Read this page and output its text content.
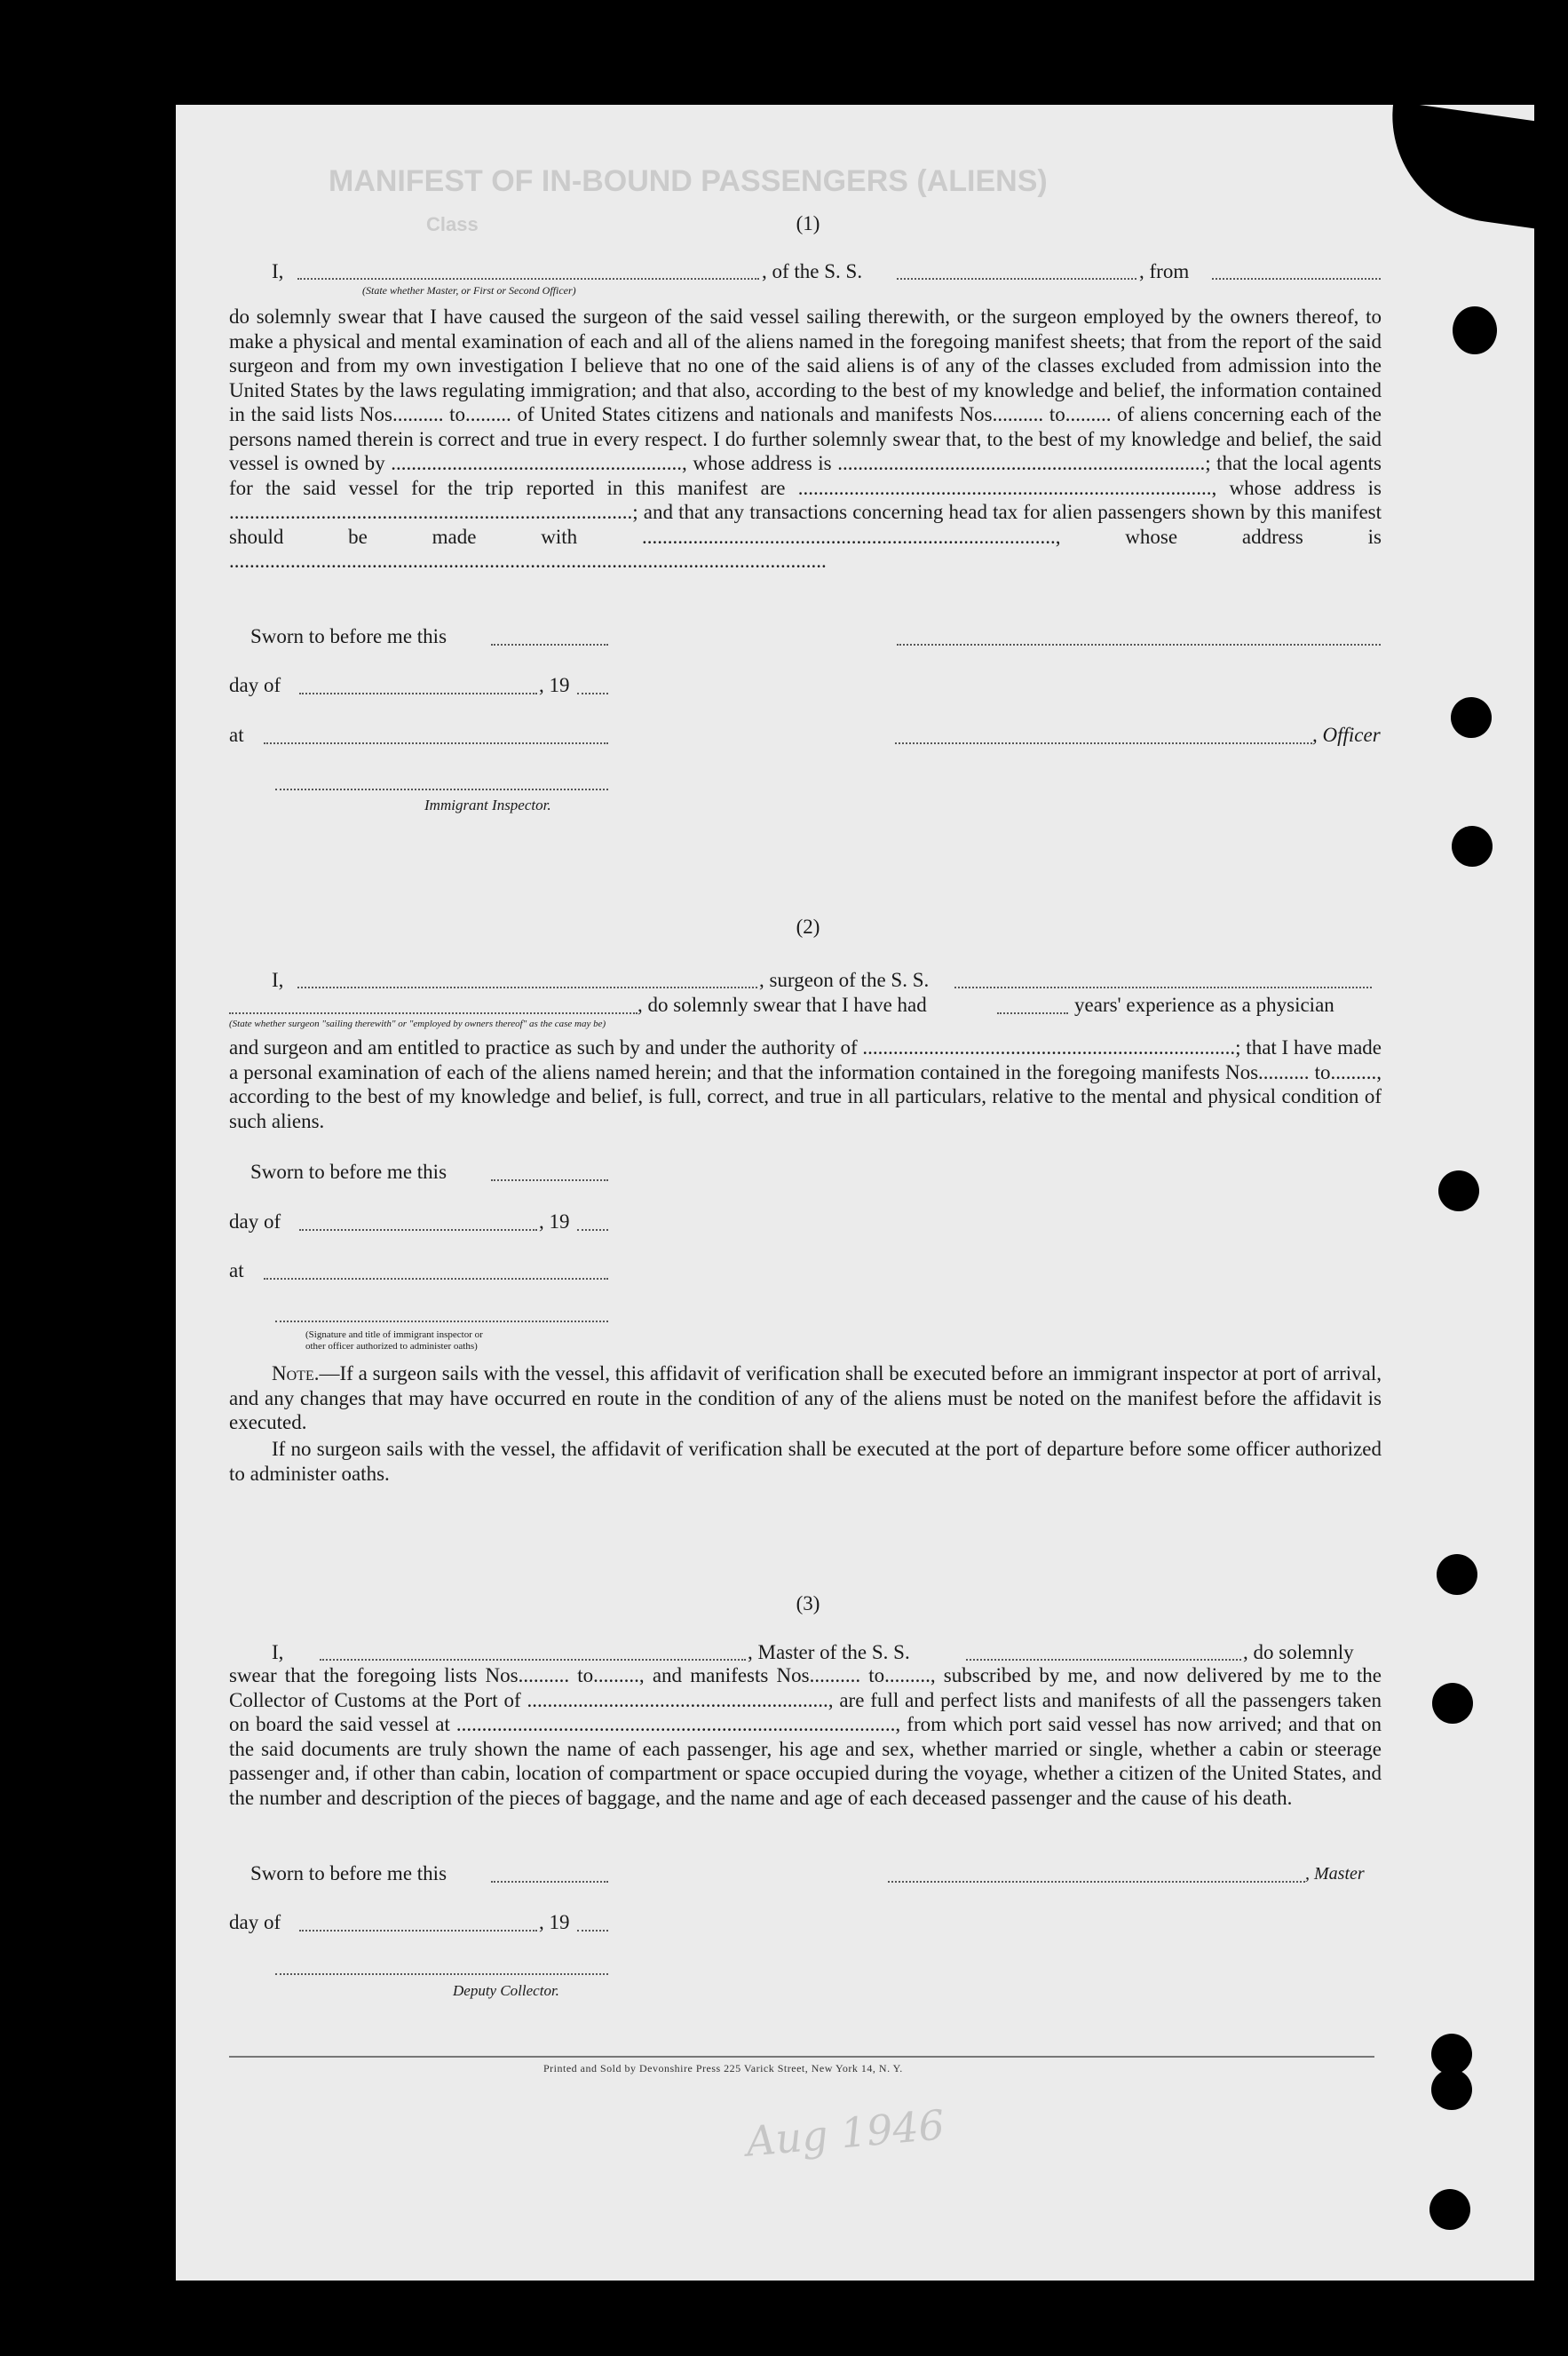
MANIFEST OF IN-BOUND PASSENGERS (ALIENS)
Class	(1)
I,	, of the S. S.	, from
(State whether Master, or First or Second Officer)
do solemnly swear that I have caused the surgeon of the said vessel sailing therewith, or the surgeon employed by the owners thereof, to make a physical and mental examination of each and all of the aliens named in the foregoing manifest sheets; that from the report of the said surgeon and from my own investigation I believe that no one of the said aliens is of any of the classes excluded from admission into the United States by the laws regulating immigration; and that also, according to the best of my knowledge and belief, the information contained in the said lists Nos.......... to......... of United States citizens and nationals and manifests Nos.......... to......... of aliens concerning each of the persons named therein is correct and true in every respect. I do further solemnly swear that, to the best of my knowledge and belief, the said vessel is owned by ........................................................., whose address is ........................................................................; that the local agents for the said vessel for the trip reported in this manifest are ................................................................................., whose address is ...............................................................................; and that any transactions concerning head tax for alien passengers shown by this manifest should be made with ................................................................................., whose address is .....................................................................................................................
Sworn to before me this
day of	, 19
at	, Officer
Immigrant Inspector.
(2)
I,	, surgeon of the S. S.
, do solemnly swear that I have had	years' experience as a physician
(State whether surgeon "sailing therewith" or "employed by owners thereof" as the case may be)
and surgeon and am entitled to practice as such by and under the authority of .........................................................................; that I have made a personal examination of each of the aliens named herein; and that the information contained in the foregoing manifests Nos.......... to........., according to the best of my knowledge and belief, is full, correct, and true in all particulars, relative to the mental and physical condition of such aliens.
Sworn to before me this
day of	, 19
at
(Signature and title of immigrant inspector or
other officer authorized to administer oaths)
Note.—If a surgeon sails with the vessel, this affidavit of verification shall be executed before an immigrant inspector at port of arrival, and any changes that may have occurred en route in the condition of any of the aliens must be noted on the manifest before the affidavit is executed.
If no surgeon sails with the vessel, the affidavit of verification shall be executed at the port of departure before some officer authorized to administer oaths.
(3)
I,	, Master of the S. S.	, do solemnly
swear that the foregoing lists Nos.......... to........., and manifests Nos.......... to........., subscribed by me, and now delivered by me to the Collector of Customs at the Port of ..........................................................., are full and perfect lists and manifests of all the passengers taken on board the said vessel at ......................................................................................, from which port said vessel has now arrived; and that on the said documents are truly shown the name of each passenger, his age and sex, whether married or single, whether a cabin or steerage passenger and, if other than cabin, location of compartment or space occupied during the voyage, whether a citizen of the United States, and the number and description of the pieces of baggage, and the name and age of each deceased passenger and the cause of his death.
Sworn to before me this	, Master
day of	, 19
Deputy Collector.
Printed and Sold by Devonshire Press 225 Varick Street, New York 14, N. Y.
Aug 1946
